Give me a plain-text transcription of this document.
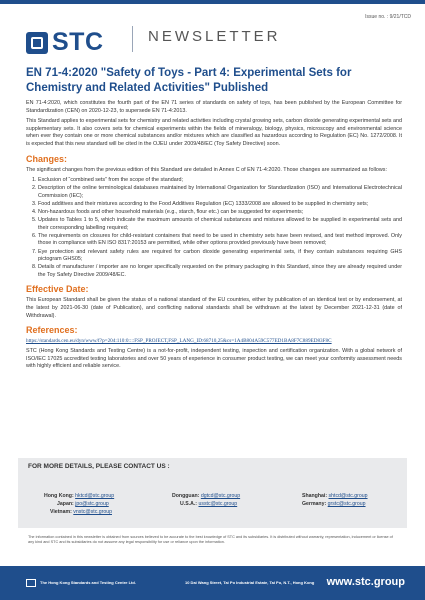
STC	NEWSLETTER
Issue no. : 9/21/TCD
EN 71-4:2020 "Safety of Toys - Part 4: Experimental Sets for Chemistry and Related Activities" Published

EN 71-4:2020, which constitutes the fourth part of the EN 71 series of standards on safety of toys, has been published by the European Committee for Standardization (CEN) on 2020-12-23, to supersede EN 71-4:2013.

This Standard applies to experimental sets for chemistry and related activities including crystal growing sets, carbon dioxide generating experimental sets and supplementary sets. It also covers sets for chemical experiments within the fields of mineralogy, biology, physics, microscopy and environmental science when ever they contain one or more chemical substances and/or mixtures which are classified as hazardous according to Regulation (EC) No. 1272/2008. It is expected that this new standard will be cited in the OJEU under 2009/48/EC (Toy Safety Directive) soon.

Changes:

The significant changes from the previous edition of this Standard are detailed in Annex C of EN 71-4:2020. Those changes are summarized as follows:

1. Exclusion of “combined sets” from the scope of the standard;
2. Description of the online terminological databases maintained by International Organization for Standardization (ISO) and International Electrotechnical Commission (IEC);
3. Food additives and their mixtures according to the Food Additives Regulation (EC) 1333/2008 are allowed to be supplied in chemistry sets;
4. Non-hazardous foods and other household materials (e.g., starch, flour etc.) can be suggested for experiments;
5. Updates to Tables 1 to 5, which indicate the maximum amounts of chemical substances and mixtures allowed to be supplied in experimental sets and their corresponding labelling required;
6. The requirements on closures for child-resistant containers that need to be used in chemistry sets have been revised, and test method improved. Only those in compliance with EN ISO 8317:20153 are permitted, while other options provided previously have been removed;
7. Eye protection and relevant safety rules are required for carbon dioxide generating experimental sets, if they contain substances requiring GHS pictogram GHS05;
8. Details of manufacturer / importer are no longer specifically requested on the primary packaging in this Standard, since they are already required under the Toy Safety Directive 2009/48/EC.
Effective Date:

This European Standard shall be given the status of a national standard of the EU countries, either by publication of an identical text or by endorsement, at the latest by 2021-06-30 (date of Publication), and conflicting national standards shall be withdrawn at the latest by December 2021-12-31 (date of Withdrawal).

References:
https://standards.cen.eu/dyn/www/f?p=204:110:0::::FSP_PROJECT,FSP_LANG_ID:68710,25&cs=1A4B804A59C577ED1BA8F7C889ED83F8C

STC (Hong Kong Standards and Testing Centre) is a not-for-profit, independent testing, inspection and certification organization. With a global network of ISO/IEC 17025 accredited testing laboratories and over 50 years of experience in consumer product testing, we can meet your conformity assessment needs with highly efficient and reliable service.

FOR MORE DETAILS, PLEASE CONTACT US :
Hong Kong: hktcd@stc.group
Japan: jpo@stc.group
Vietnam: vnstc@stc.group
Dongguan: dgtcd@stc.group
U.S.A.: usstc@stc.group
Shanghai: shtcd@stc.group
Germany: grstc@stc.group
The information contained in this newsletter is obtained from sources believed to be accurate to the best knowledge of STC and its subsidiaries. It is distributed without warranty, representation, inducement or license of any kind and STC and its subsidiaries do not assume any legal responsibility for use or reliance upon the information.
The Hong Kong Standards and Testing Centre Ltd.	10 Dai Wang Street, Tai Po Industrial Estate, Tai Po, N.T., Hong Kong www.stc.group
